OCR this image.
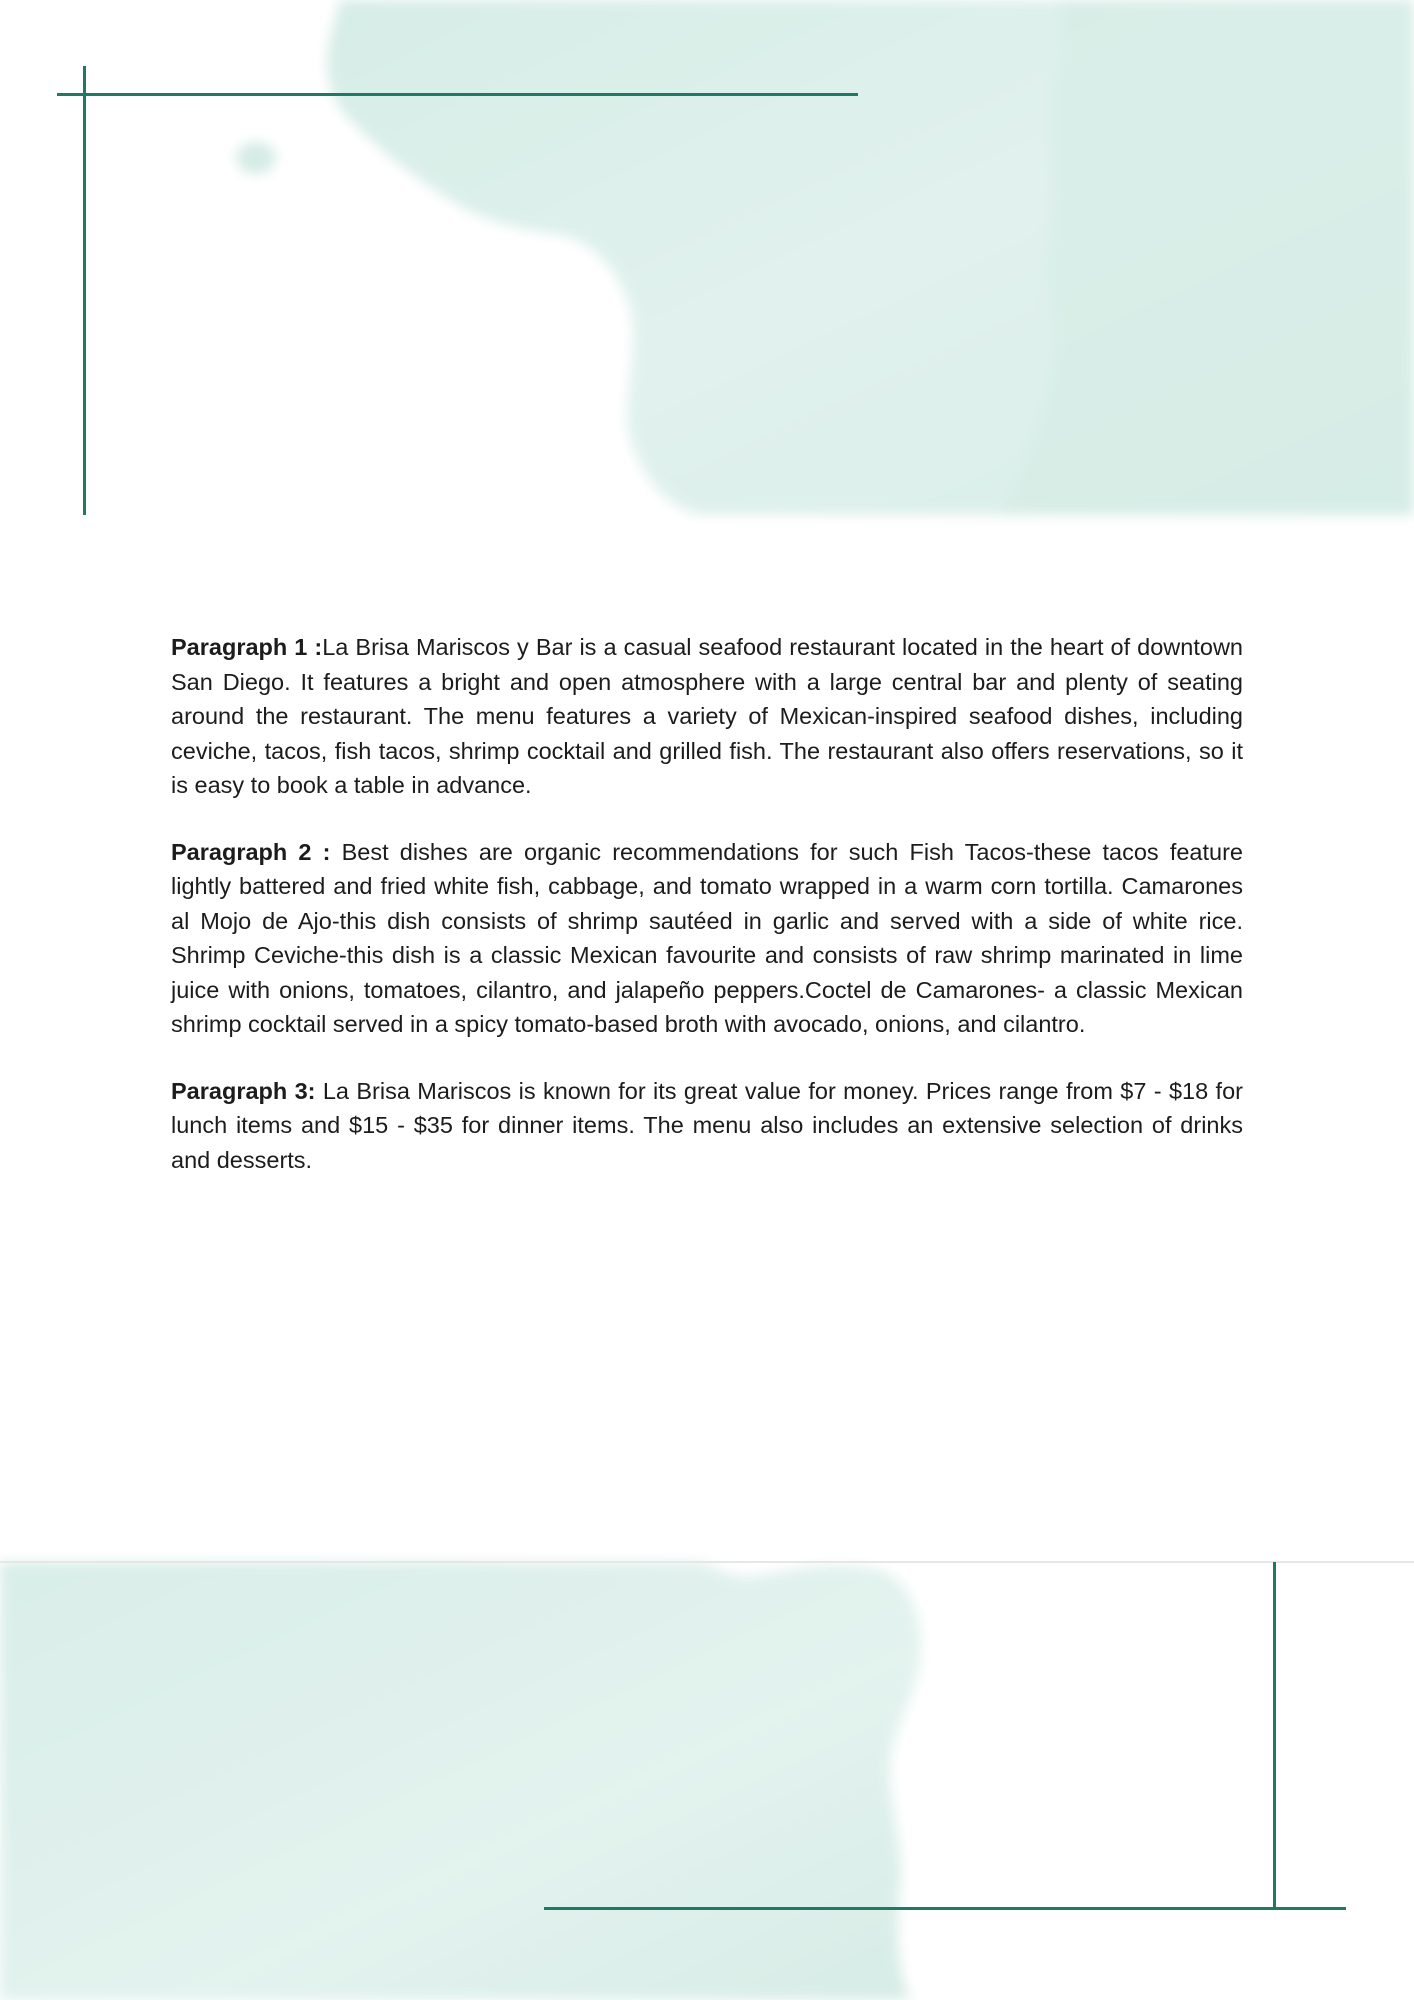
Paragraph 1 :La Brisa Mariscos y Bar is a casual seafood restaurant located in the heart of downtown San Diego. It features a bright and open atmosphere with a large central bar and plenty of seating around the restaurant. The menu features a variety of Mexican-inspired seafood dishes, including ceviche, tacos, fish tacos, shrimp cocktail and grilled fish. The restaurant also offers reservations, so it is easy to book a table in advance.

Paragraph 2 : Best dishes are organic recommendations for such Fish Tacos-these tacos feature lightly battered and fried white fish, cabbage, and tomato wrapped in a warm corn tortilla. Camarones al Mojo de Ajo-this dish consists of shrimp sautéed in garlic and served with a side of white rice. Shrimp Ceviche-this dish is a classic Mexican favourite and consists of raw shrimp marinated in lime juice with onions, tomatoes, cilantro, and jalapeño peppers.Coctel de Camarones- a classic Mexican shrimp cocktail served in a spicy tomato-based broth with avocado, onions, and cilantro.

Paragraph 3: La Brisa Mariscos is known for its great value for money. Prices range from $7 - $18 for lunch items and $15 - $35 for dinner items. The menu also includes an extensive selection of drinks and desserts.
